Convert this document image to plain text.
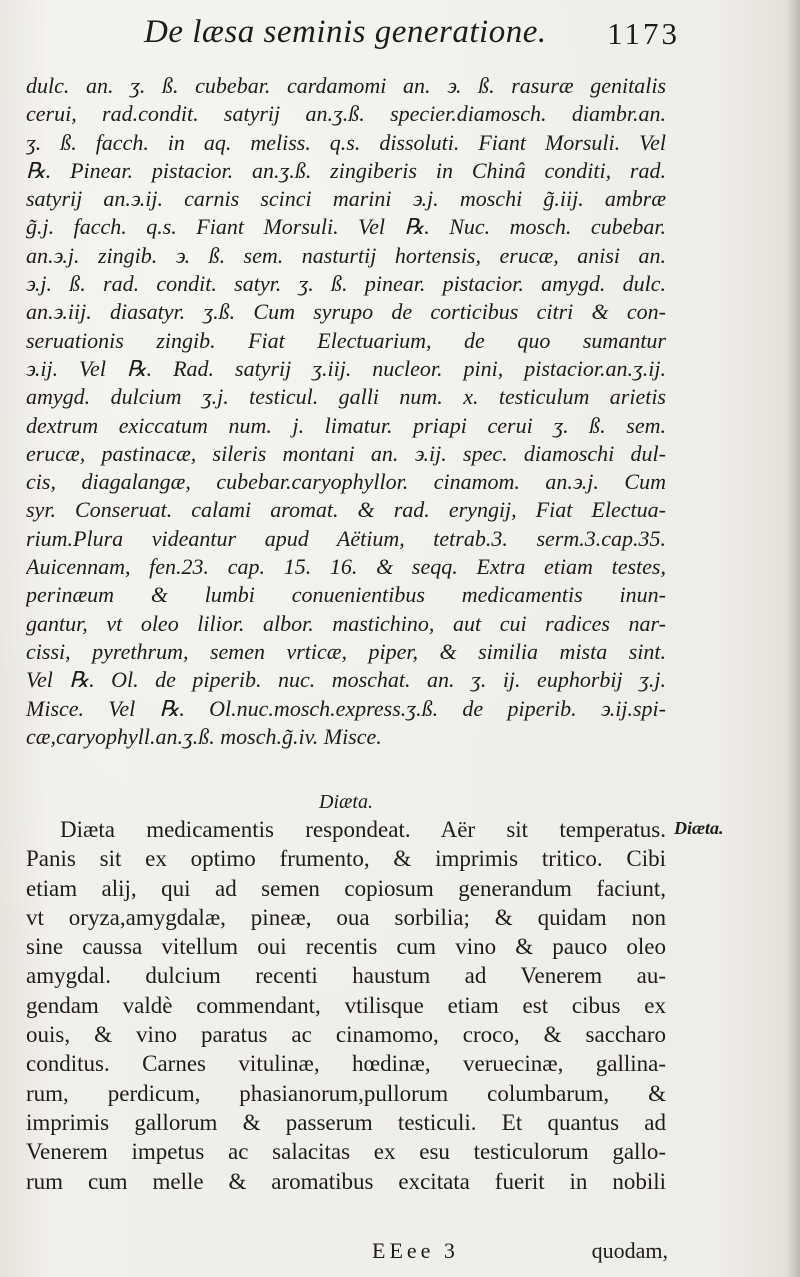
De læsa seminis generatione. 1173
dulc. an. ʒ. ß. cubebar. cardamomi an. ϶. ß. rasuræ genitalis
cerui, rad.condit. satyrij an.ʒ.ß. specier.diamosch. diambr.an.
ʒ. ß. facch. in aq. meliss. q.s. dissoluti. Fiant Morsuli. Vel
℞. Pinear. pistacior. an.ʒ.ß. zingiberis in Chinâ conditi, rad.
satyrij an.϶.ij. carnis scinci marini ϶.j. moschi g̃.iij. ambræ
g̃.j. facch. q.s. Fiant Morsuli. Vel ℞. Nuc. mosch. cubebar.
an.϶.j. zingib. ϶. ß. sem. nasturtij hortensis, erucæ, anisi an.
϶.j. ß. rad. condit. satyr. ʒ. ß. pinear. pistacior. amygd. dulc.
an.϶.iij. diasatyr. ʒ.ß. Cum syrupo de corticibus citri & con-
seruationis zingib. Fiat Electuarium, de quo sumantur
϶.ij. Vel ℞. Rad. satyrij ʒ.iij. nucleor. pini, pistacior.an.ʒ.ij.
amygd. dulcium ʒ.j. testicul. galli num. x. testiculum arietis
dextrum exiccatum num. j. limatur. priapi cerui ʒ. ß. sem.
erucæ, pastinacæ, sileris montani an. ϶.ij. spec. diamoschi dul-
cis, diagalangæ, cubebar.caryophyllor. cinamom. an.϶.j. Cum
syr. Conseruat. calami aromat. & rad. eryngij, Fiat Electua-
rium.Plura videantur apud Aëtium, tetrab.3. serm.3.cap.35.
Auicennam, fen.23. cap. 15. 16. & seqq. Extra etiam testes,
perinæum & lumbi conuenientibus medicamentis inun-
gantur, vt oleo lilior. albor. mastichino, aut cui radices nar-
cissi, pyrethrum, semen vrticæ, piper, & similia mista sint.
Vel ℞. Ol. de piperib. nuc. moschat. an. ʒ. ij. euphorbij ʒ.j.
Misce. Vel ℞. Ol.nuc.mosch.express.ʒ.ß. de piperib. ϶.ij.spi-
cæ,caryophyll.an.ʒ.ß. mosch.g̃.iv. Misce.
Diæta.
Diæta medicamentis respondeat. Aër sit temperatus.
Panis sit ex optimo frumento, & imprimis tritico. Cibi
etiam alij, qui ad semen copiosum generandum faciunt,
vt oryza,amygdalæ, pineæ, oua sorbilia; & quidam non
sine caussa vitellum oui recentis cum vino & pauco oleo
amygdal. dulcium recenti haustum ad Venerem au-
gendam valdè commendant, vtilisque etiam est cibus ex
ouis, & vino paratus ac cinamomo, croco, & saccharo
conditus. Carnes vitulinæ, hœdinæ, veruecinæ, gallina-
rum, perdicum, phasianorum,pullorum columbarum, &
imprimis gallorum & passerum testiculi. Et quantus ad
Venerem impetus ac salacitas ex esu testiculorum gallo-
rum cum melle & aromatibus excitata fuerit in nobili
Diæta.
EEee 3	quodam,
